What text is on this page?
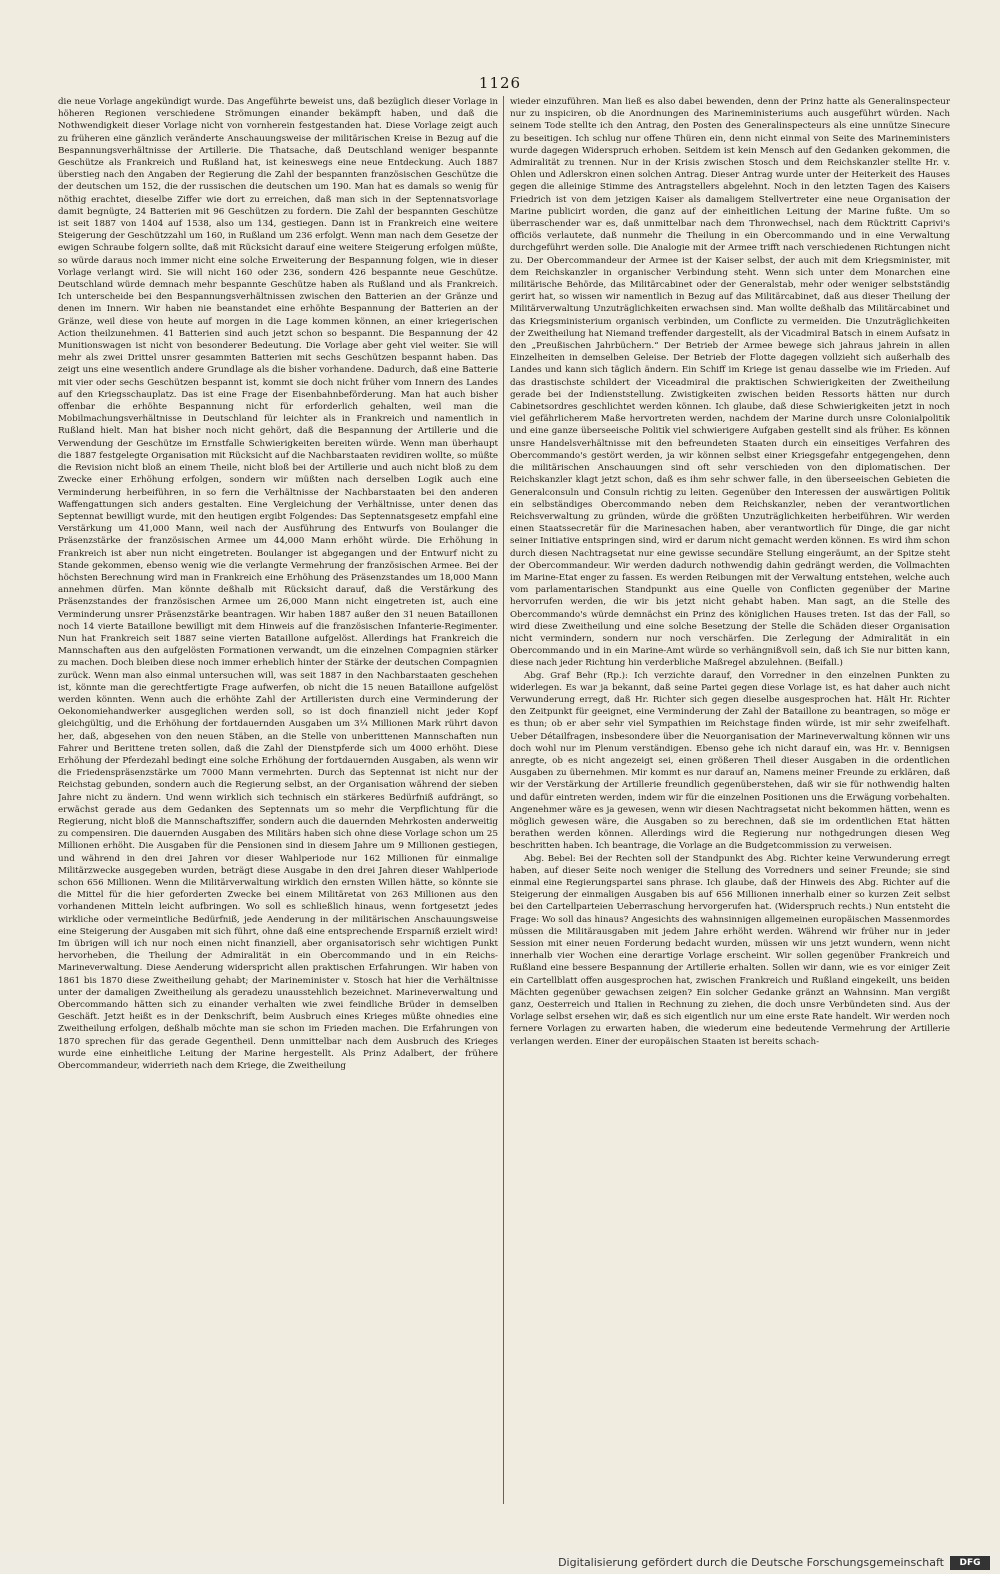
1126

die neue Vorlage angekündigt wurde. Das Angeführte beweist uns, daß bezüglich dieser Vorlage in höheren Regionen verschiedene Strömungen einander bekämpft haben, und daß die Nothwendigkeit dieser Vorlage nicht von vornherein festgestanden hat. Diese Vorlage zeigt auch zu früheren eine gänzlich veränderte Anschauungsweise der militärischen Kreise in Bezug auf die Bespannungsverhältnisse der Artillerie. Die Thatsache, daß Deutschland weniger bespannte Geschütze als Frankreich und Rußland hat, ist keineswegs eine neue Entdeckung. Auch 1887 überstieg nach den Angaben der Regierung die Zahl der bespannten französischen Geschütze die der deutschen um 152, die der russischen die deutschen um 190. Man hat es damals so wenig für nöthig erachtet, dieselbe Ziffer wie dort zu erreichen, daß man sich in der Septennatsvorlage damit begnügte, 24 Batterien mit 96 Geschützen zu fordern. Die Zahl der bespannten Geschütze ist seit 1887 von 1404 auf 1538, also um 134, gestiegen. Dann ist in Frankreich eine weitere Steigerung der Geschützzahl um 160, in Rußland um 236 erfolgt. Wenn man nach dem Gesetze der ewigen Schraube folgern sollte, daß mit Rücksicht darauf eine weitere Steigerung erfolgen müßte, so würde daraus noch immer nicht eine solche Erweiterung der Bespannung folgen, wie in dieser Vorlage verlangt wird. Sie will nicht 160 oder 236, sondern 426 bespannte neue Geschütze. Deutschland würde demnach mehr bespannte Geschütze haben als Rußland und als Frankreich. Ich unterscheide bei den Bespannungsverhältnissen zwischen den Batterien an der Gränze und denen im Innern. Wir haben nie beanstandet eine erhöhte Bespannung der Batterien an der Gränze, weil diese von heute auf morgen in die Lage kommen können, an einer kriegerischen Action theilzunehmen. 41 Batterien sind auch jetzt schon so bespannt. Die Bespannung der 42 Munitionswagen ist nicht von besonderer Bedeutung. Die Vorlage aber geht viel weiter. Sie will mehr als zwei Drittel unsrer gesammten Batterien mit sechs Geschützen bespannt haben. Das zeigt uns eine wesentlich andere Grundlage als die bisher vorhandene. Dadurch, daß eine Batterie mit vier oder sechs Geschützen bespannt ist, kommt sie doch nicht früher vom Innern des Landes auf den Kriegsschauplatz. Das ist eine Frage der Eisenbahnbeförderung. Man hat auch bisher offenbar die erhöhte Bespannung nicht für erforderlich gehalten, weil man die Mobilmachungsverhältnisse in Deutschland für leichter als in Frankreich und namentlich in Rußland hielt. Man hat bisher noch nicht gehört, daß die Bespannung der Artillerie und die Verwendung der Geschütze im Ernstfalle Schwierigkeiten bereiten würde. Wenn man überhaupt die 1887 festgelegte Organisation mit Rücksicht auf die Nachbarstaaten revidiren wollte, so müßte die Revision nicht bloß an einem Theile, nicht bloß bei der Artillerie und auch nicht bloß zu dem Zwecke einer Erhöhung erfolgen, sondern wir müßten nach derselben Logik auch eine Verminderung herbeiführen, in so fern die Verhältnisse der Nachbarstaaten bei den anderen Waffengattungen sich anders gestalten. Eine Vergleichung der Verhältnisse, unter denen das Septennat bewilligt wurde, mit den heutigen ergibt Folgendes: Das Septennatsgesetz empfahl eine Verstärkung um 41,000 Mann, weil nach der Ausführung des Entwurfs von Boulanger die Präsenzstärke der französischen Armee um 44,000 Mann erhöht würde. Die Erhöhung in Frankreich ist aber nun nicht eingetreten. Boulanger ist abgegangen und der Entwurf nicht zu Stande gekommen, ebenso wenig wie die verlangte Vermehrung der französischen Armee. Bei der höchsten Berechnung wird man in Frankreich eine Erhöhung des Präsenzstandes um 18,000 Mann annehmen dürfen. Man könnte deßhalb mit Rücksicht darauf, daß die Verstärkung des Präsenzstandes der französischen Armee um 26,000 Mann nicht eingetreten ist, auch eine Verminderung unsrer Präsenzstärke beantragen. Wir haben 1887 außer den 31 neuen Bataillonen noch 14 vierte Bataillone bewilligt mit dem Hinweis auf die französischen Infanterie-Regimenter. Nun hat Frankreich seit 1887 seine vierten Bataillone aufgelöst. Allerdings hat Frankreich die Mannschaften aus den aufgelösten Formationen verwandt, um die einzelnen Compagnien stärker zu machen. Doch bleiben diese noch immer erheblich hinter der Stärke der deutschen Compagnien zurück. Wenn man also einmal untersuchen will, was seit 1887 in den Nachbarstaaten geschehen ist, könnte man die gerechtfertigte Frage aufwerfen, ob nicht die 15 neuen Bataillone aufgelöst werden könnten. Wenn auch die erhöhte Zahl der Artilleristen durch eine Verminderung der Oekonomiehandwerker ausgeglichen werden soll, so ist doch finanziell nicht jeder Kopf gleichgültig, und die Erhöhung der fortdauernden Ausgaben um 3¼ Millionen Mark rührt davon her, daß, abgesehen von den neuen Stäben, an die Stelle von unberittenen Mannschaften nun Fahrer und Berittene treten sollen, daß die Zahl der Dienstpferde sich um 4000 erhöht. Diese Erhöhung der Pferdezahl bedingt eine solche Erhöhung der fortdauernden Ausgaben, als wenn wir die Friedenspräsenzstärke um 7000 Mann vermehrten. Durch das Septennat ist nicht nur der Reichstag gebunden, sondern auch die Regierung selbst, an der Organisation während der sieben Jahre nicht zu ändern. Und wenn wirklich sich technisch ein stärkeres Bedürfniß aufdrängt, so erwächst gerade aus dem Gedanken des Septennats um so mehr die Verpflichtung für die Regierung, nicht bloß die Mannschaftsziffer, sondern auch die dauernden Mehrkosten anderweitig zu compensiren. Die dauernden Ausgaben des Militärs haben sich ohne diese Vorlage schon um 25 Millionen erhöht. Die Ausgaben für die Pensionen sind in diesem Jahre um 9 Millionen gestiegen, und während in den drei Jahren vor dieser Wahlperiode nur 162 Millionen für einmalige Militärzwecke ausgegeben wurden, beträgt diese Ausgabe in den drei Jahren dieser Wahlperiode schon 656 Millionen. Wenn die Militärverwaltung wirklich den ernsten Willen hätte, so könnte sie die Mittel für die hier geforderten Zwecke bei einem Militäretat von 263 Millionen aus den vorhandenen Mitteln leicht aufbringen. Wo soll es schließlich hinaus, wenn fortgesetzt jedes wirkliche oder vermeintliche Bedürfniß, jede Aenderung in der militärischen Anschauungsweise eine Steigerung der Ausgaben mit sich führt, ohne daß eine entsprechende Ersparniß erzielt wird! Im übrigen will ich nur noch einen nicht finanziell, aber organisatorisch sehr wichtigen Punkt hervorheben, die Theilung der Admiralität in ein Obercommando und in ein Reichs-Marineverwaltung. Diese Aenderung widerspricht allen praktischen Erfahrungen. Wir haben von 1861 bis 1870 diese Zweitheilung gehabt; der Marineminister v. Stosch hat hier die Verhältnisse unter der damaligen Zweitheilung als geradezu unausstehlich bezeichnet. Marineverwaltung und Obercommando hätten sich zu einander verhalten wie zwei feindliche Brüder in demselben Geschäft. Jetzt heißt es in der Denkschrift, beim Ausbruch eines Krieges müßte ohnedies eine Zweitheilung erfolgen, deßhalb möchte man sie schon im Frieden machen. Die Erfahrungen von 1870 sprechen für das gerade Gegentheil. Denn unmittelbar nach dem Ausbruch des Krieges wurde eine einheitliche Leitung der Marine hergestellt. Als Prinz Adalbert, der frühere Obercommandeur, widerrieth nach dem Kriege, die Zweitheilung

wieder einzuführen. Man ließ es also dabei bewenden, denn der Prinz hatte als Generalinspecteur nur zu inspiciren, ob die Anordnungen des Marineministeriums auch ausgeführt würden. Nach seinem Tode stellte ich den Antrag, den Posten des Generalinspecteurs als eine unnütze Sinecure zu beseitigen. Ich schlug nur offene Thüren ein, denn nicht einmal von Seite des Marineministers wurde dagegen Widerspruch erhoben. Seitdem ist kein Mensch auf den Gedanken gekommen, die Admiralität zu trennen. Nur in der Krisis zwischen Stosch und dem Reichskanzler stellte Hr. v. Ohlen und Adlerskron einen solchen Antrag. Dieser Antrag wurde unter der Heiterkeit des Hauses gegen die alleinige Stimme des Antragstellers abgelehnt. Noch in den letzten Tagen des Kaisers Friedrich ist von dem jetzigen Kaiser als damaligem Stellvertreter eine neue Organisation der Marine publicirt worden, die ganz auf der einheitlichen Leitung der Marine fußte. Um so überraschender war es, daß unmittelbar nach dem Thronwechsel, nach dem Rücktritt Caprivi's officiös verlautete, daß nunmehr die Theilung in ein Obercommando und in eine Verwaltung durchgeführt werden solle. Die Analogie mit der Armee trifft nach verschiedenen Richtungen nicht zu. Der Obercommandeur der Armee ist der Kaiser selbst, der auch mit dem Kriegsminister, mit dem Reichskanzler in organischer Verbindung steht. Wenn sich unter dem Monarchen eine militärische Behörde, das Militärcabinet oder der Generalstab, mehr oder weniger selbstständig gerirt hat, so wissen wir namentlich in Bezug auf das Militärcabinet, daß aus dieser Theilung der Militärverwaltung Unzuträglichkeiten erwachsen sind. Man wollte deßhalb das Militärcabinet und das Kriegsministerium organisch verbinden, um Conflicte zu vermeiden. Die Unzuträglichkeiten der Zweitheilung hat Niemand treffender dargestellt, als der Vicadmiral Batsch in einem Aufsatz in den „Preußischen Jahrbüchern.“ Der Betrieb der Armee bewege sich jahraus jahrein in allen Einzelheiten in demselben Geleise. Der Betrieb der Flotte dagegen vollzieht sich außerhalb des Landes und kann sich täglich ändern. Ein Schiff im Kriege ist genau dasselbe wie im Frieden. Auf das drastischste schildert der Viceadmiral die praktischen Schwierigkeiten der Zweitheilung gerade bei der Indienststellung. Zwistigkeiten zwischen beiden Ressorts hätten nur durch Cabinetsordres geschlichtet werden können. Ich glaube, daß diese Schwierigkeiten jetzt in noch viel gefährlicherem Maße hervortreten werden, nachdem der Marine durch unsre Colonialpolitik und eine ganze überseeische Politik viel schwierigere Aufgaben gestellt sind als früher. Es können unsre Handelsverhältnisse mit den befreundeten Staaten durch ein einseitiges Verfahren des Obercommando's gestört werden, ja wir können selbst einer Kriegsgefahr entgegengehen, denn die militärischen Anschauungen sind oft sehr verschieden von den diplomatischen. Der Reichskanzler klagt jetzt schon, daß es ihm sehr schwer falle, in den überseeischen Gebieten die Generalconsuln und Consuln richtig zu leiten. Gegenüber den Interessen der auswärtigen Politik ein selbständiges Obercommando neben dem Reichskanzler, neben der verantwortlichen Reichsverwaltung zu gründen, würde die größten Unzuträglichkeiten herbeiführen. Wir werden einen Staatssecretär für die Marinesachen haben, aber verantwortlich für Dinge, die gar nicht seiner Initiative entspringen sind, wird er darum nicht gemacht werden können. Es wird ihm schon durch diesen Nachtragsetat nur eine gewisse secundäre Stellung eingeräumt, an der Spitze steht der Obercommandeur. Wir werden dadurch nothwendig dahin gedrängt werden, die Vollmachten im Marine-Etat enger zu fassen. Es werden Reibungen mit der Verwaltung entstehen, welche auch vom parlamentarischen Standpunkt aus eine Quelle von Conflicten gegenüber der Marine hervorrufen werden, die wir bis jetzt nicht gehabt haben. Man sagt, an die Stelle des Obercommando's würde demnächst ein Prinz des königlichen Hauses treten. Ist das der Fall, so wird diese Zweitheilung und eine solche Besetzung der Stelle die Schäden dieser Organisation nicht vermindern, sondern nur noch verschärfen. Die Zerlegung der Admiralität in ein Obercommando und in ein Marine-Amt würde so verhängnißvoll sein, daß ich Sie nur bitten kann, diese nach jeder Richtung hin verderbliche Maßregel abzulehnen. (Beifall.)

Abg. Graf Behr (Rp.): Ich verzichte darauf, den Vorredner in den einzelnen Punkten zu widerlegen. Es war ja bekannt, daß seine Partei gegen diese Vorlage ist, es hat daher auch nicht Verwunderung erregt, daß Hr. Richter sich gegen dieselbe ausgesprochen hat. Hält Hr. Richter den Zeitpunkt für geeignet, eine Verminderung der Zahl der Bataillone zu beantragen, so möge er es thun; ob er aber sehr viel Sympathien im Reichstage finden würde, ist mir sehr zweifelhaft. Ueber Détailfragen, insbesondere über die Neuorganisation der Marineverwaltung können wir uns doch wohl nur im Plenum verständigen. Ebenso gehe ich nicht darauf ein, was Hr. v. Bennigsen anregte, ob es nicht angezeigt sei, einen größeren Theil dieser Ausgaben in die ordentlichen Ausgaben zu übernehmen. Mir kommt es nur darauf an, Namens meiner Freunde zu erklären, daß wir der Verstärkung der Artillerie freundlich gegenüberstehen, daß wir sie für nothwendig halten und dafür eintreten werden, indem wir für die einzelnen Positionen uns die Erwägung vorbehalten. Angenehmer wäre es ja gewesen, wenn wir diesen Nachtragsetat nicht bekommen hätten, wenn es möglich gewesen wäre, die Ausgaben so zu berechnen, daß sie im ordentlichen Etat hätten berathen werden können. Allerdings wird die Regierung nur nothgedrungen diesen Weg beschritten haben. Ich beantrage, die Vorlage an die Budgetcommission zu verweisen.

Abg. Bebel: Bei der Rechten soll der Standpunkt des Abg. Richter keine Verwunderung erregt haben, auf dieser Seite noch weniger die Stellung des Vorredners und seiner Freunde; sie sind einmal eine Regierungspartei sans phrase. Ich glaube, daß der Hinweis des Abg. Richter auf die Steigerung der einmaligen Ausgaben bis auf 656 Millionen innerhalb einer so kurzen Zeit selbst bei den Cartellparteien Ueberraschung hervorgerufen hat. (Widerspruch rechts.) Nun entsteht die Frage: Wo soll das hinaus? Angesichts des wahnsinnigen allgemeinen europäischen Massenmordes müssen die Militärausgaben mit jedem Jahre erhöht werden. Während wir früher nur in jeder Session mit einer neuen Forderung bedacht wurden, müssen wir uns jetzt wundern, wenn nicht innerhalb vier Wochen eine derartige Vorlage erscheint. Wir sollen gegenüber Frankreich und Rußland eine bessere Bespannung der Artillerie erhalten. Sollen wir dann, wie es vor einiger Zeit ein Cartellblatt offen ausgesprochen hat, zwischen Frankreich und Rußland eingekeilt, uns beiden Mächten gegenüber gewachsen zeigen? Ein solcher Gedanke gränzt an Wahnsinn. Man vergißt ganz, Oesterreich und Italien in Rechnung zu ziehen, die doch unsre Verbündeten sind. Aus der Vorlage selbst ersehen wir, daß es sich eigentlich nur um eine erste Rate handelt. Wir werden noch fernere Vorlagen zu erwarten haben, die wiederum eine bedeutende Vermehrung der Artillerie verlangen werden. Einer der europäischen Staaten ist bereits schach-

Digitalisierung gefördert durch die Deutsche Forschungsgemeinschaft	DFG
